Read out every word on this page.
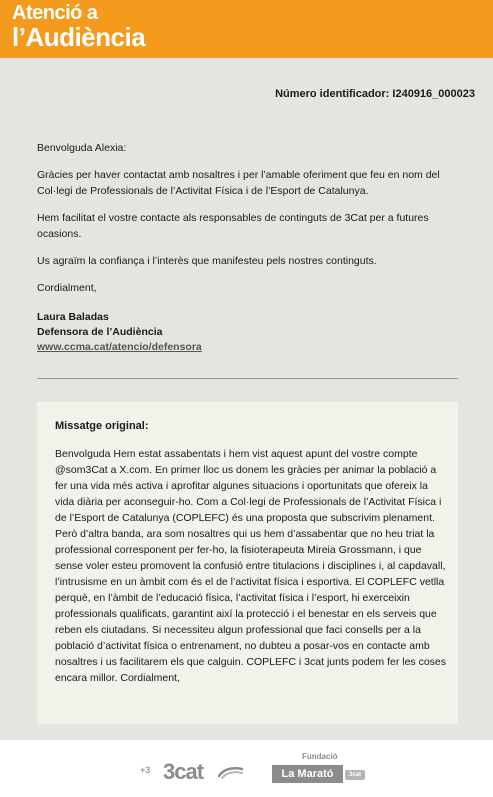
Atenció a
l’Audiència
Número identificador: I240916_000023

Benvolguda Alexia:

Gràcies per haver contactat amb nosaltres i per l’amable oferiment que feu en nom del Col·legi de Professionals de l’Activitat Física i de l’Esport de Catalunya.

Hem facilitat el vostre contacte als responsables de continguts de 3Cat per a futures ocasions.

Us agraïm la confiança i l’interès que manifesteu pels nostres continguts.

Cordialment,

Laura Baladas
Defensora de l’Audiència
www.ccma.cat/atencio/defensora
Missatge original:
Benvolguda Hem estat assabentats i hem vist aquest apunt del vostre compte @som3Cat a X.com. En primer lloc us donem les gràcies per animar la població a fer una vida més activa i aprofitar algunes situacions i oportunitats que ofereix la vida diària per aconseguir-ho. Com a Col·legi de Professionals de l’Activitat Física i de l’Esport de Catalunya (COPLEFC) és una proposta que subscrivim plenament. Però d’altra banda, ara som nosaltres qui us hem d’assabentar que no heu triat la professional corresponent per fer-ho, la fisioterapeuta Mireia Grossmann, i que sense voler esteu promovent la confusió entre titulacions i disciplines i, al capdavall, l’intrusisme en un àmbit com és el de l’activitat física i esportiva. El COPLEFC vetlla perquè, en l’àmbit de l’educació física, l’activitat física i l’esport, hi exerceixin professionals qualificats, garantint així la protecció i el benestar en els serveis que reben els ciutadans. Si necessiteu algun professional que faci consells per a la població d’activitat física o entrenament, no dubteu a posar-vos en contacte amb nosaltres i us facilitarem els que calguin. COPLEFC i 3cat junts podem fer les coses encara millor. Cordialment,
+3 3cat
Fundació
La Marató	3cat
